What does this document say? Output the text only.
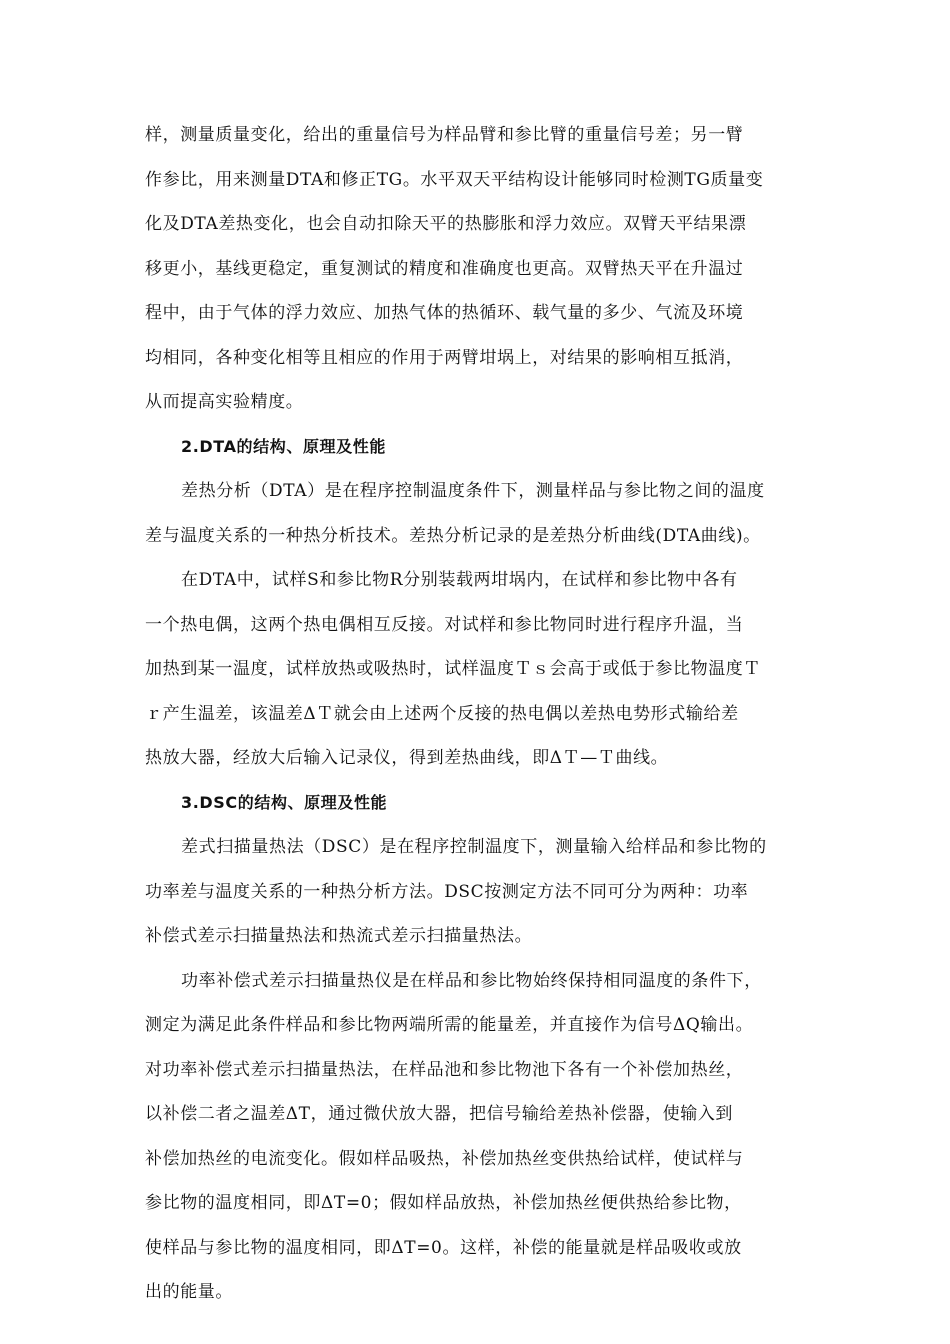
样，测量质量变化，给出的重量信号为样品臂和参比臂的重量信号差；另一臂
作参比，用来测量DTA和修正TG。水平双天平结构设计能够同时检测TG质量变
化及DTA差热变化，也会自动扣除天平的热膨胀和浮力效应。双臂天平结果漂
移更小，基线更稳定，重复测试的精度和准确度也更高。双臂热天平在升温过
程中，由于气体的浮力效应、加热气体的热循环、载气量的多少、气流及环境
均相同，各种变化相等且相应的作用于两臂坩埚上，对结果的影响相互抵消，
从而提高实验精度。
2.DTA的结构、原理及性能
差热分析（DTA）是在程序控制温度条件下，测量样品与参比物之间的温度
差与温度关系的一种热分析技术。差热分析记录的是差热分析曲线(DTA曲线)。
在DTA中，试样S和参比物R分别装载两坩埚内，在试样和参比物中各有
一个热电偶，这两个热电偶相互反接。对试样和参比物同时进行程序升温，当
加热到某一温度，试样放热或吸热时，试样温度Ｔｓ会高于或低于参比物温度Ｔ
ｒ产生温差，该温差ΔＴ就会由上述两个反接的热电偶以差热电势形式输给差
热放大器，经放大后输入记录仪，得到差热曲线，即ΔＴ—Ｔ曲线。
3.DSC的结构、原理及性能
差式扫描量热法（DSC）是在程序控制温度下，测量输入给样品和参比物的
功率差与温度关系的一种热分析方法。DSC按测定方法不同可分为两种：功率
补偿式差示扫描量热法和热流式差示扫描量热法。
功率补偿式差示扫描量热仪是在样品和参比物始终保持相同温度的条件下，
测定为满足此条件样品和参比物两端所需的能量差，并直接作为信号ΔQ输出。
对功率补偿式差示扫描量热法，在样品池和参比物池下各有一个补偿加热丝，
以补偿二者之温差ΔT，通过微伏放大器，把信号输给差热补偿器，使输入到
补偿加热丝的电流变化。假如样品吸热，补偿加热丝变供热给试样，使试样与
参比物的温度相同，即ΔT=0；假如样品放热，补偿加热丝便供热给参比物，
使样品与参比物的温度相同，即ΔT=0。这样，补偿的能量就是样品吸收或放
出的能量。
